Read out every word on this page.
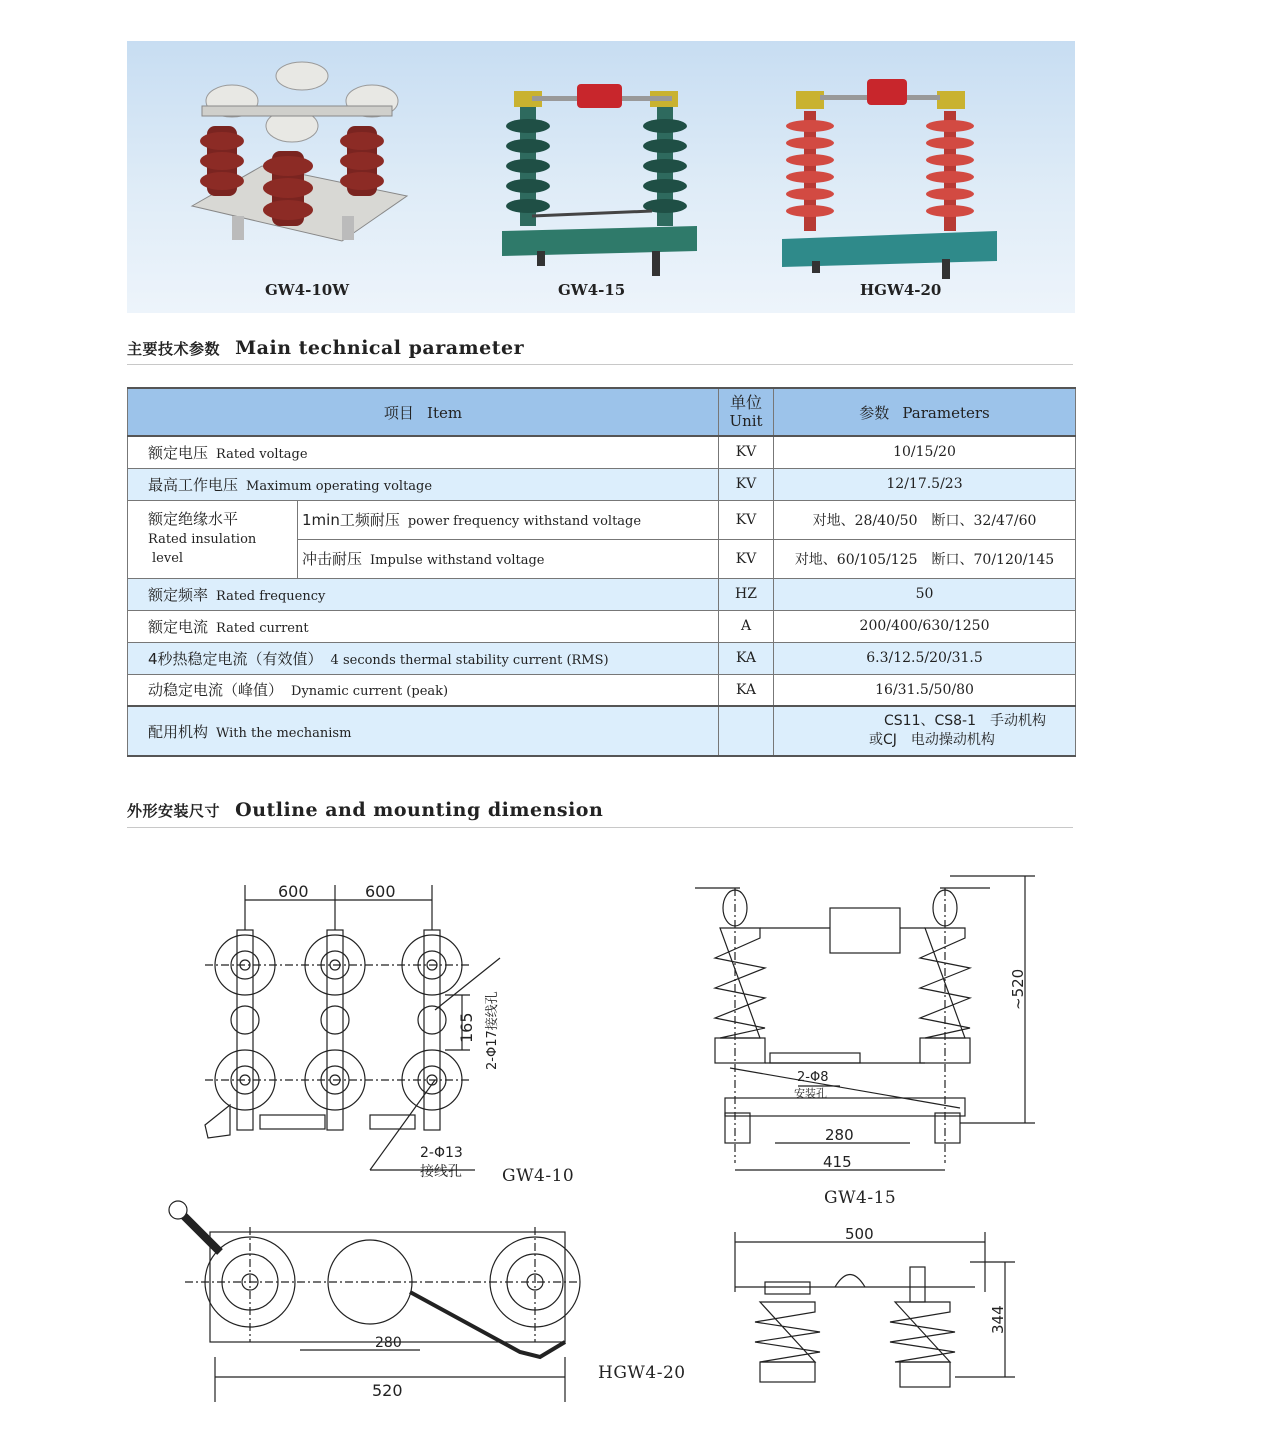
GW4-10W	GW4-15	HGW4-20
主要技术参数 Main technical parameter
项目 Item		单位
Unit	参数 Parameters
额定电压 Rated voltage		KV	10/15/20
最高工作电压 Maximum operating voltage		KV	12/17.5/23
额定绝缘水平
Rated insulation
level	1min工频耐压 power frequency withstand voltage	KV	对地、28/40/50　断口、32/47/60
	冲击耐压 Impulse withstand voltage	KV	对地、60/105/125　断口、70/120/145
额定频率 Rated frequency		HZ	50
额定电流 Rated current		A	200/400/630/1250
4秒热稳定电流（有效值） 4 seconds thermal stability current (RMS)		KA	6.3/12.5/20/31.5
动稳定电流（峰值） Dynamic current (peak)		KA	16/31.5/50/80
配用机构 With the mechanism			CS11、CS8-1　手动机构
或CJ　电动操动机构
外形安装尺寸 Outline and mounting dimension
600	600
165 2-Φ17接线孔
2-Φ13
接线孔 GW4-10
~520
280
415
2-Φ8
安装孔
GW4-15
280
520
HGW4-20
500
344
